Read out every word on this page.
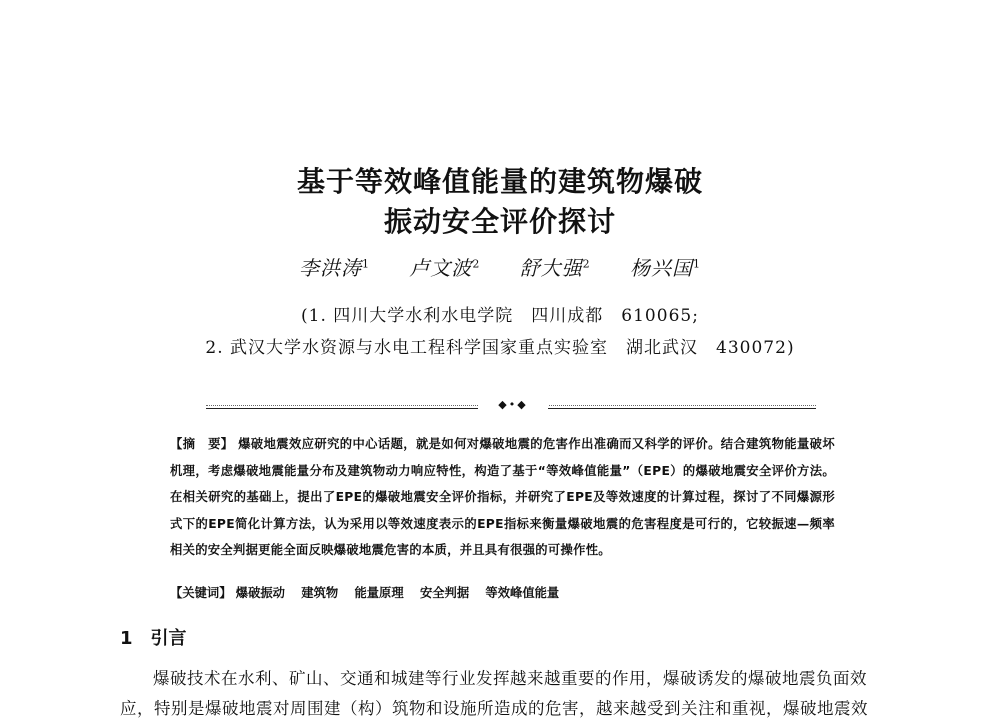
基于等效峰值能量的建筑物爆破
振动安全评价探讨
李洪涛$^1$ 卢文波$^2$ 舒大强$^2$ 杨兴国$^1$
(1. 四川大学水利水电学院　四川成都　610065;
2. 武汉大学水资源与水电工程科学国家重点实验室　湖北武汉　430072)
◆•◆
【摘　要】 爆破地震效应研究的中心话题，就是如何对爆破地震的危害作出准确而又科学的评价。结合建筑物能量破坏机理，考虑爆破地震能量分布及建筑物动力响应特性，构造了基于“等效峰值能量”（EPE）的爆破地震安全评价方法。在相关研究的基础上，提出了EPE的爆破地震安全评价指标，并研究了EPE及等效速度的计算过程，探讨了不同爆源形式下的EPE简化计算方法，认为采用以等效速度表示的EPE指标来衡量爆破地震的危害程度是可行的，它较振速—频率相关的安全判据更能全面反映爆破地震危害的本质，并且具有很强的可操作性。
【关键词】 爆破振动 建筑物 能量原理 安全判据 等效峰值能量
1 引言
爆破技术在水利、矿山、交通和城建等行业发挥越来越重要的作用，爆破诱发的爆破地震负面效应，特别是爆破地震对周围建（构）筑物和设施所造成的危害，越来越受到关注和重视，爆破地震效
